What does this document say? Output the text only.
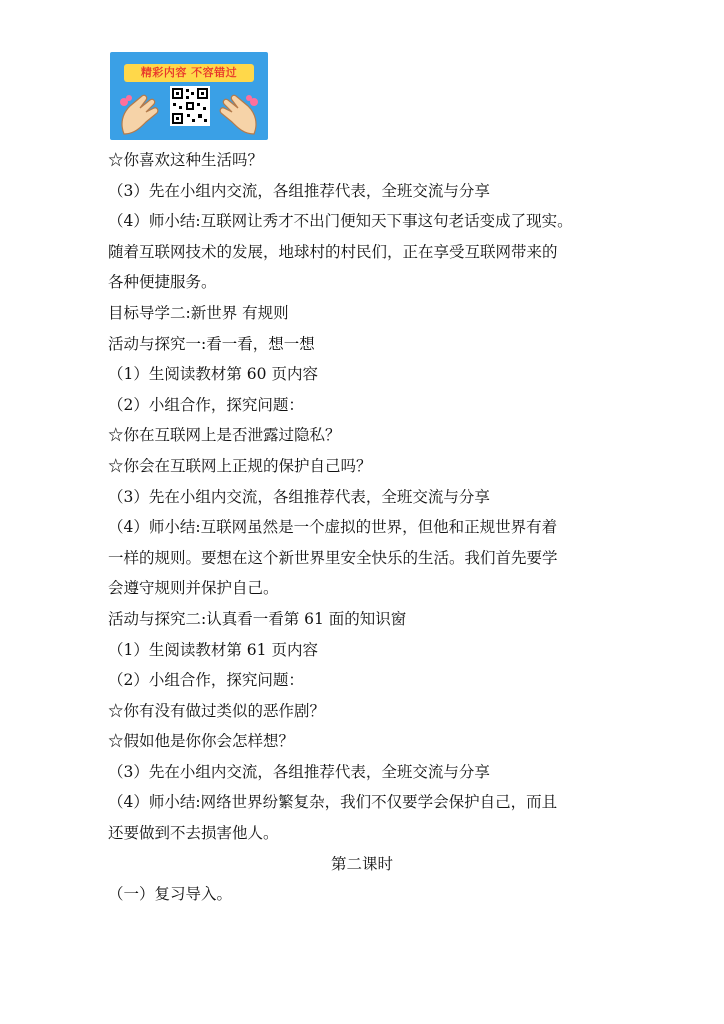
精彩内容 不容错过
☆你喜欢这种生活吗？
（3）先在小组内交流，各组推荐代表，全班交流与分享
（4）师小结:互联网让秀才不出门便知天下事这句老话变成了现实。
随着互联网技术的发展，地球村的村民们，正在享受互联网带来的
各种便捷服务。
目标导学二:新世界 有规则
活动与探究一:看一看，想一想
（1）生阅读教材第 60 页内容
（2）小组合作，探究问题：
☆你在互联网上是否泄露过隐私？
☆你会在互联网上正规的保护自己吗？
（3）先在小组内交流，各组推荐代表，全班交流与分享
（4）师小结:互联网虽然是一个虚拟的世界，但他和正规世界有着
一样的规则。要想在这个新世界里安全快乐的生活。我们首先要学
会遵守规则并保护自己。
活动与探究二:认真看一看第 61 面的知识窗
（1）生阅读教材第 61 页内容
（2）小组合作，探究问题：
☆你有没有做过类似的恶作剧？
☆假如他是你你会怎样想？
（3）先在小组内交流，各组推荐代表，全班交流与分享
（4）师小结:网络世界纷繁复杂，我们不仅要学会保护自己，而且
还要做到不去损害他人。
第二课时
（一）复习导入。
